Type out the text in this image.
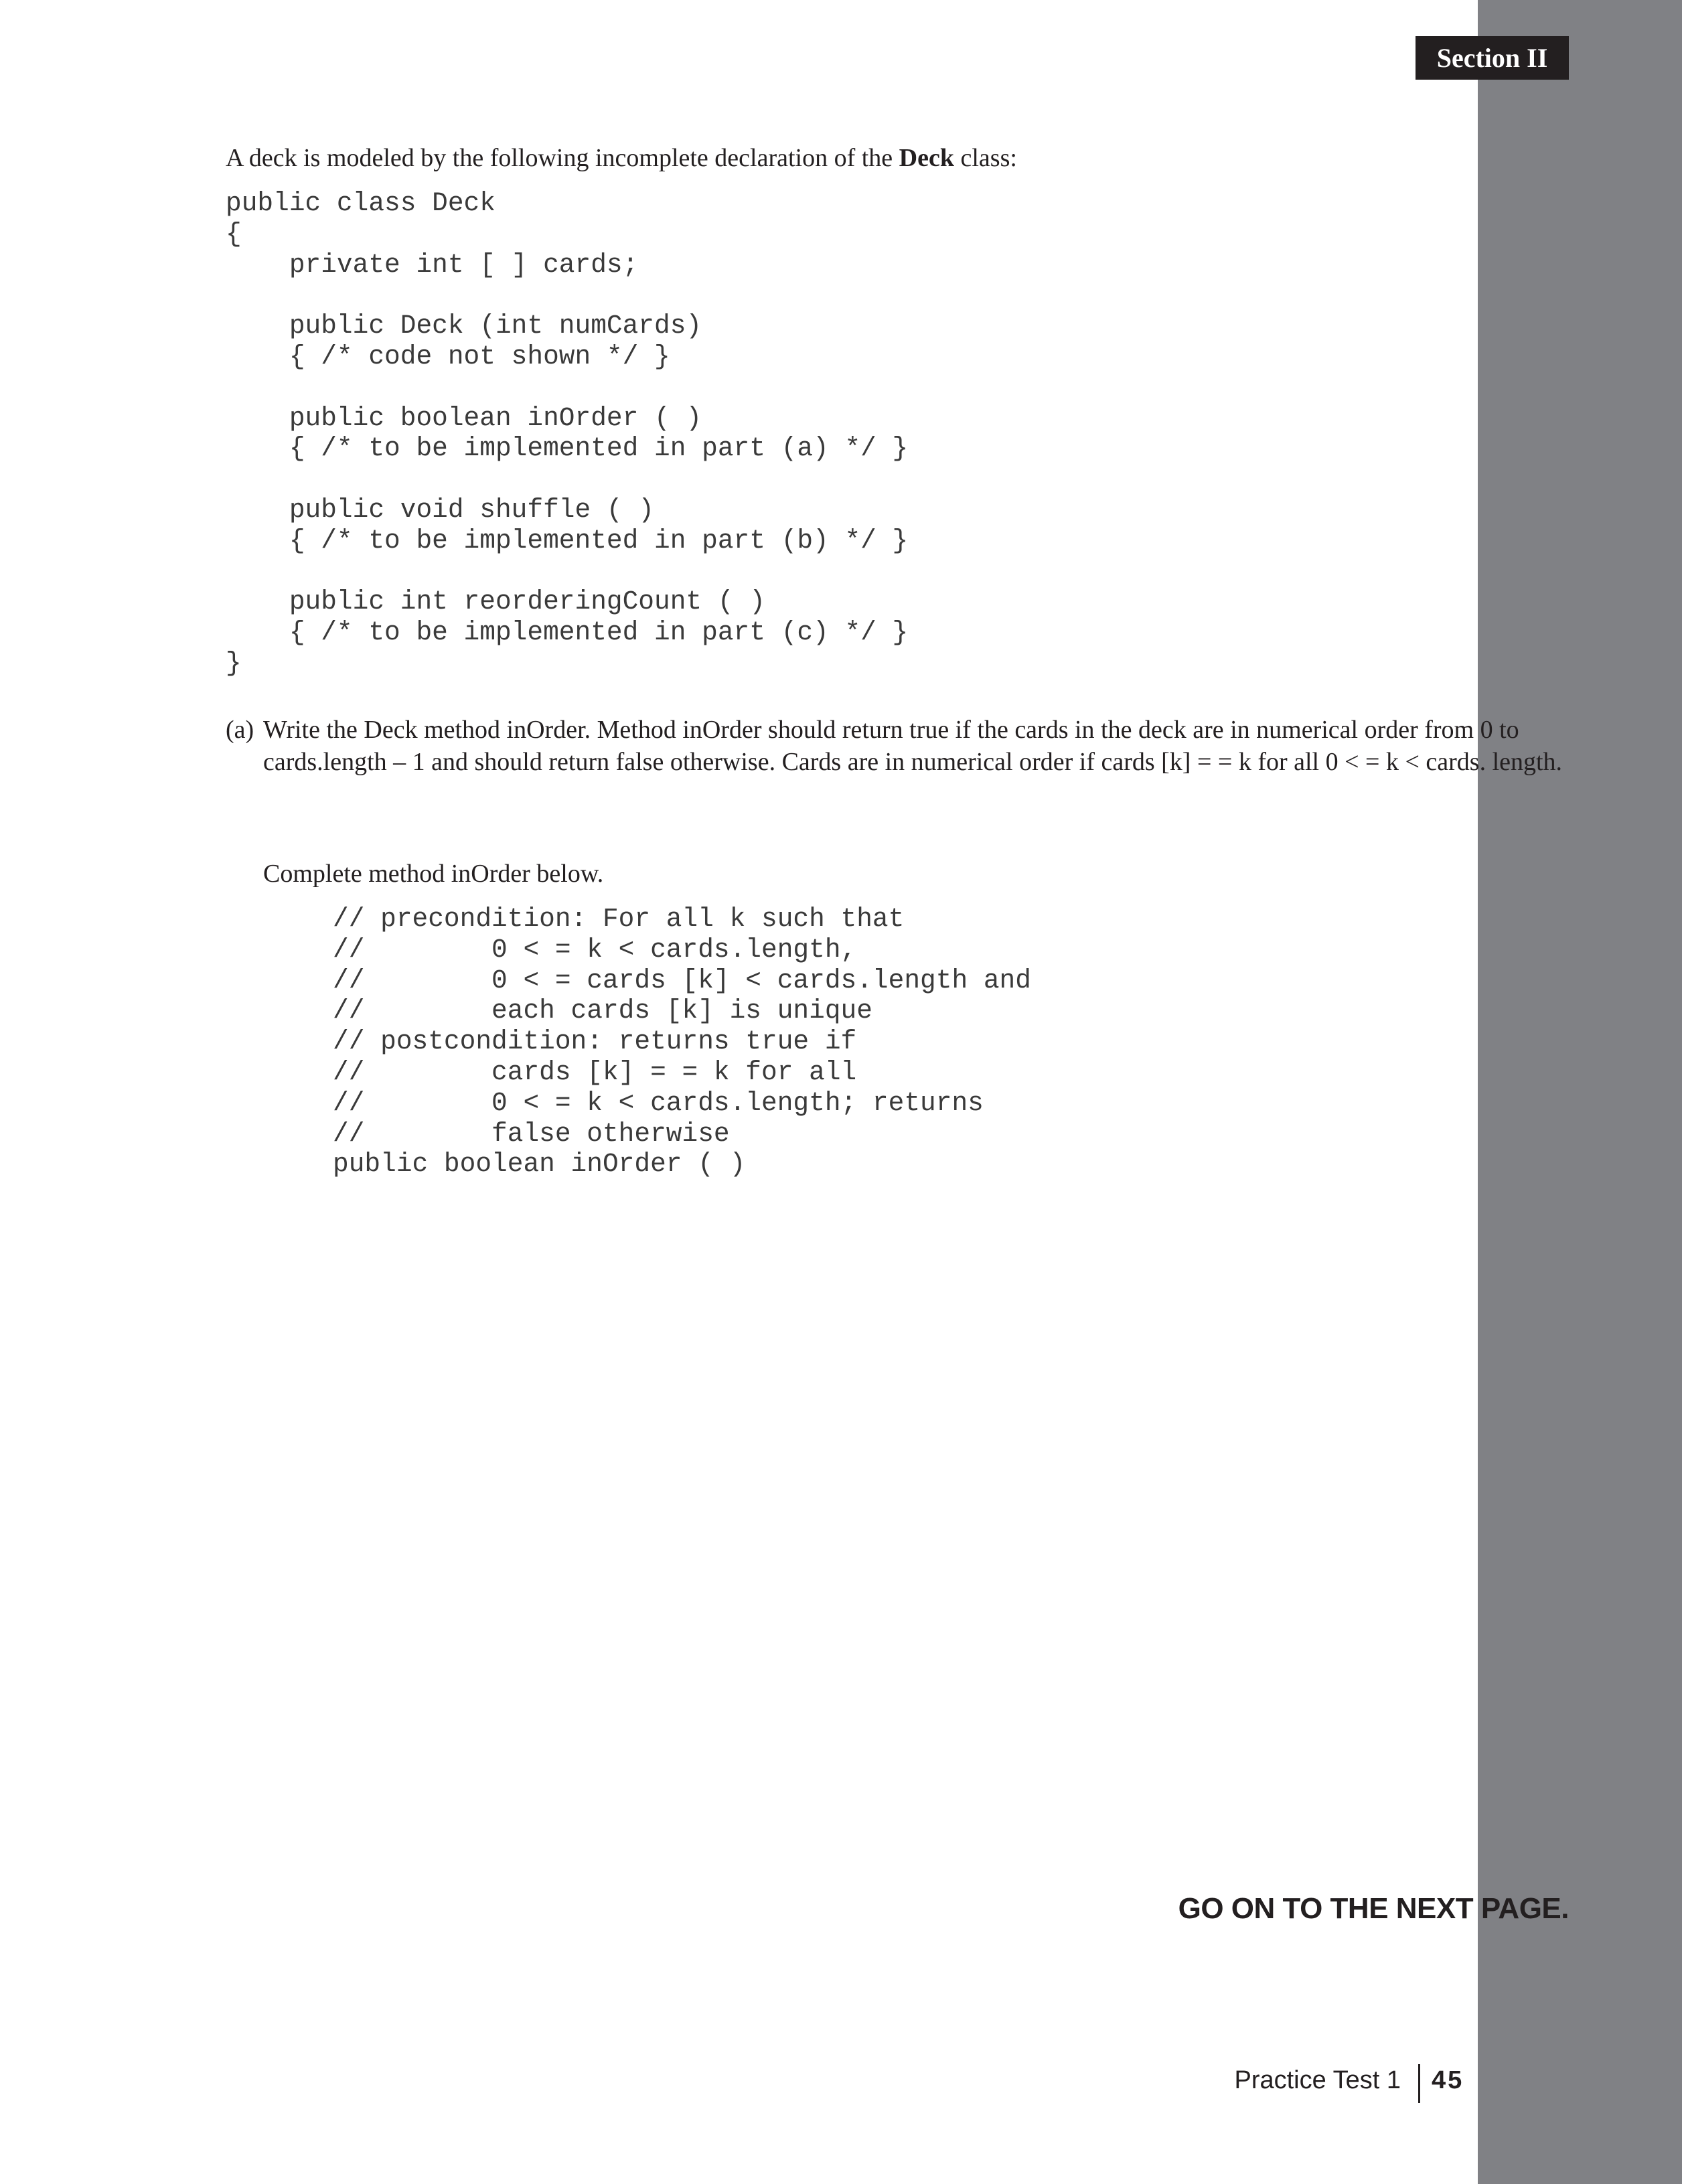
Section II
A deck is modeled by the following incomplete declaration of the Deck class:
public class Deck
{
private int [ ] cards;
public Deck (int numCards)
{ /* code not shown */ }
public boolean inOrder ( )
{ /* to be implemented in part (a) */ }
public void shuffle ( )
{ /* to be implemented in part (b) */ }
public int reorderingCount ( )
{ /* to be implemented in part (c) */ }
}
(a) Write the Deck method inOrder. Method inOrder should return true if the cards in the deck are in numerical order from 0 to cards.length – 1 and should return false otherwise. Cards are in numerical order if cards [k] = = k for all 0 < = k < cards. length.
Complete method inOrder below.
// precondition: For all k such that
//        0 < = k < cards.length,
//        0 < = cards [k] < cards.length and
//        each cards [k] is unique
// postcondition: returns true if
//        cards [k] = = k for all
//        0 < = k < cards.length; returns
//        false otherwise
public boolean inOrder ( )
GO ON TO THE NEXT PAGE.
Practice Test 1 45
